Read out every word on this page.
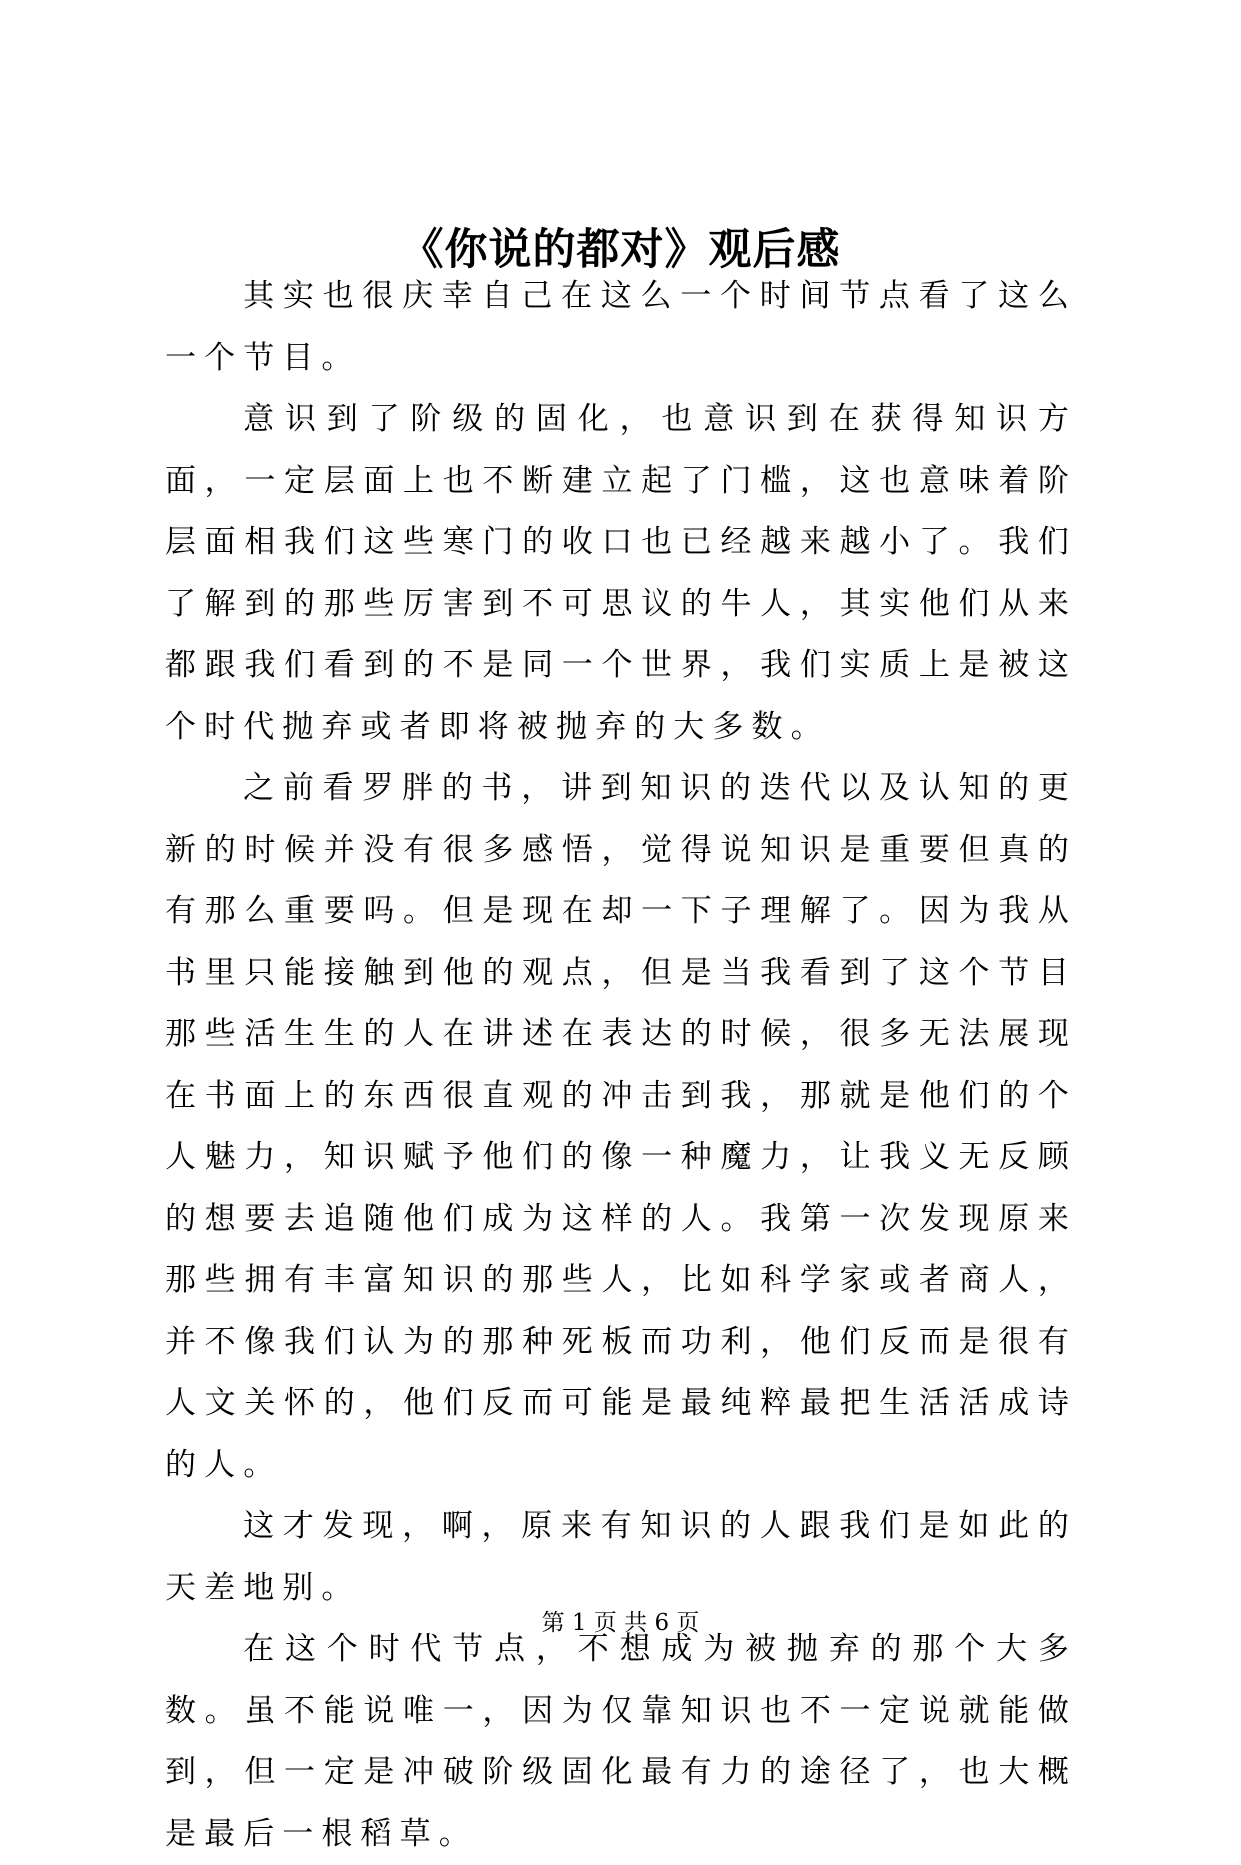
《你说的都对》观后感

其实也很庆幸自己在这么一个时间节点看了这么一个节目。

意识到了阶级的固化，也意识到在获得知识方面，一定层面上也不断建立起了门槛，这也意味着阶层面相我们这些寒门的收口也已经越来越小了。我们了解到的那些厉害到不可思议的牛人，其实他们从来都跟我们看到的不是同一个世界，我们实质上是被这个时代抛弃或者即将被抛弃的大多数。

之前看罗胖的书，讲到知识的迭代以及认知的更新的时候并没有很多感悟，觉得说知识是重要但真的有那么重要吗。但是现在却一下子理解了。因为我从书里只能接触到他的观点，但是当我看到了这个节目那些活生生的人在讲述在表达的时候，很多无法展现在书面上的东西很直观的冲击到我，那就是他们的个人魅力，知识赋予他们的像一种魔力，让我义无反顾的想要去追随他们成为这样的人。我第一次发现原来那些拥有丰富知识的那些人，比如科学家或者商人，并不像我们认为的那种死板而功利，他们反而是很有人文关怀的，他们反而可能是最纯粹最把生活活成诗的人。

这才发现，啊，原来有知识的人跟我们是如此的天差地别。

在这个时代节点，不想成为被抛弃的那个大多数。虽不能说唯一，因为仅靠知识也不一定说就能做到，但一定是冲破阶级固化最有力的途径了，也大概是最后一根稻草。

第 1 页 共 6 页
